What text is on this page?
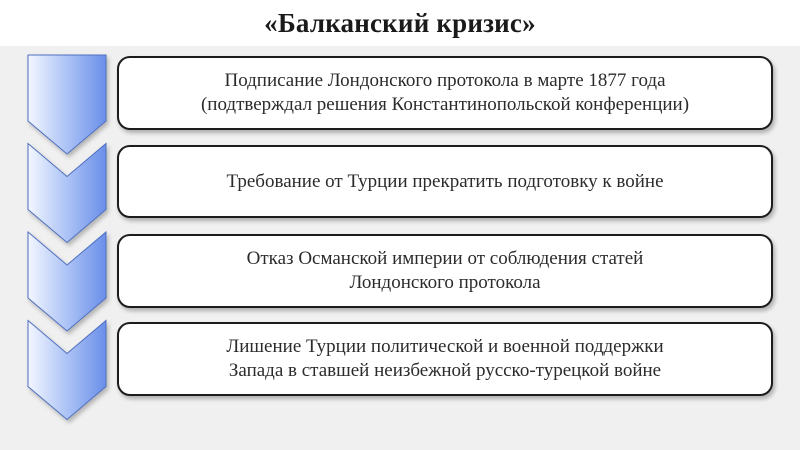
«Балканский кризис»
Подписание Лондонского протокола в марте 1877 года
(подтверждал решения Константинопольской конференции)
Требование от Турции прекратить подготовку к войне
Отказ Османской империи от соблюдения статей
Лондонского протокола
Лишение Турции политической и военной поддержки
Запада в ставшей неизбежной русско-турецкой войне
